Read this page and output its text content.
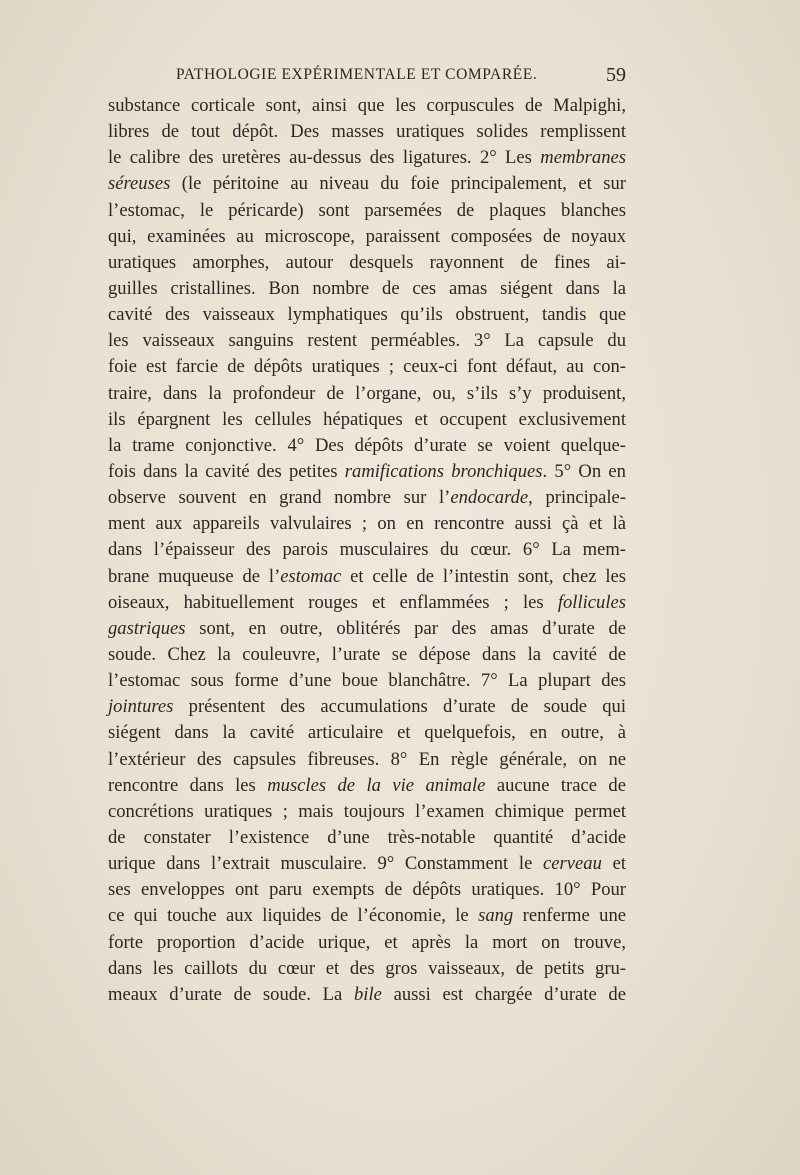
PATHOLOGIE EXPÉRIMENTALE ET COMPARÉE.	59
substance corticale sont, ainsi que les corpuscules de Malpighi,
libres de tout dépôt. Des masses uratiques solides remplissent
le calibre des uretères au-dessus des ligatures. 2° Les membranes
séreuses (le péritoine au niveau du foie principalement, et sur
l’estomac, le péricarde) sont parsemées de plaques blanches
qui, examinées au microscope, paraissent composées de noyaux
uratiques amorphes, autour desquels rayonnent de fines ai-
guilles cristallines. Bon nombre de ces amas siégent dans la
cavité des vaisseaux lymphatiques qu’ils obstruent, tandis que
les vaisseaux sanguins restent perméables. 3° La capsule du
foie est farcie de dépôts uratiques ; ceux-ci font défaut, au con-
traire, dans la profondeur de l’organe, ou, s’ils s’y produisent,
ils épargnent les cellules hépatiques et occupent exclusivement
la trame conjonctive. 4° Des dépôts d’urate se voient quelque-
fois dans la cavité des petites ramifications bronchiques. 5° On en
observe souvent en grand nombre sur l’endocarde, principale-
ment aux appareils valvulaires ; on en rencontre aussi çà et là
dans l’épaisseur des parois musculaires du cœur. 6° La mem-
brane muqueuse de l’estomac et celle de l’intestin sont, chez les
oiseaux, habituellement rouges et enflammées ; les follicules
gastriques sont, en outre, oblitérés par des amas d’urate de
soude. Chez la couleuvre, l’urate se dépose dans la cavité de
l’estomac sous forme d’une boue blanchâtre. 7° La plupart des
jointures présentent des accumulations d’urate de soude qui
siégent dans la cavité articulaire et quelquefois, en outre, à
l’extérieur des capsules fibreuses. 8° En règle générale, on ne
rencontre dans les muscles de la vie animale aucune trace de
concrétions uratiques ; mais toujours l’examen chimique permet
de constater l’existence d’une très-notable quantité d’acide
urique dans l’extrait musculaire. 9° Constamment le cerveau et
ses enveloppes ont paru exempts de dépôts uratiques. 10° Pour
ce qui touche aux liquides de l’économie, le sang renferme une
forte proportion d’acide urique, et après la mort on trouve,
dans les caillots du cœur et des gros vaisseaux, de petits gru-
meaux d’urate de soude. La bile aussi est chargée d’urate de
